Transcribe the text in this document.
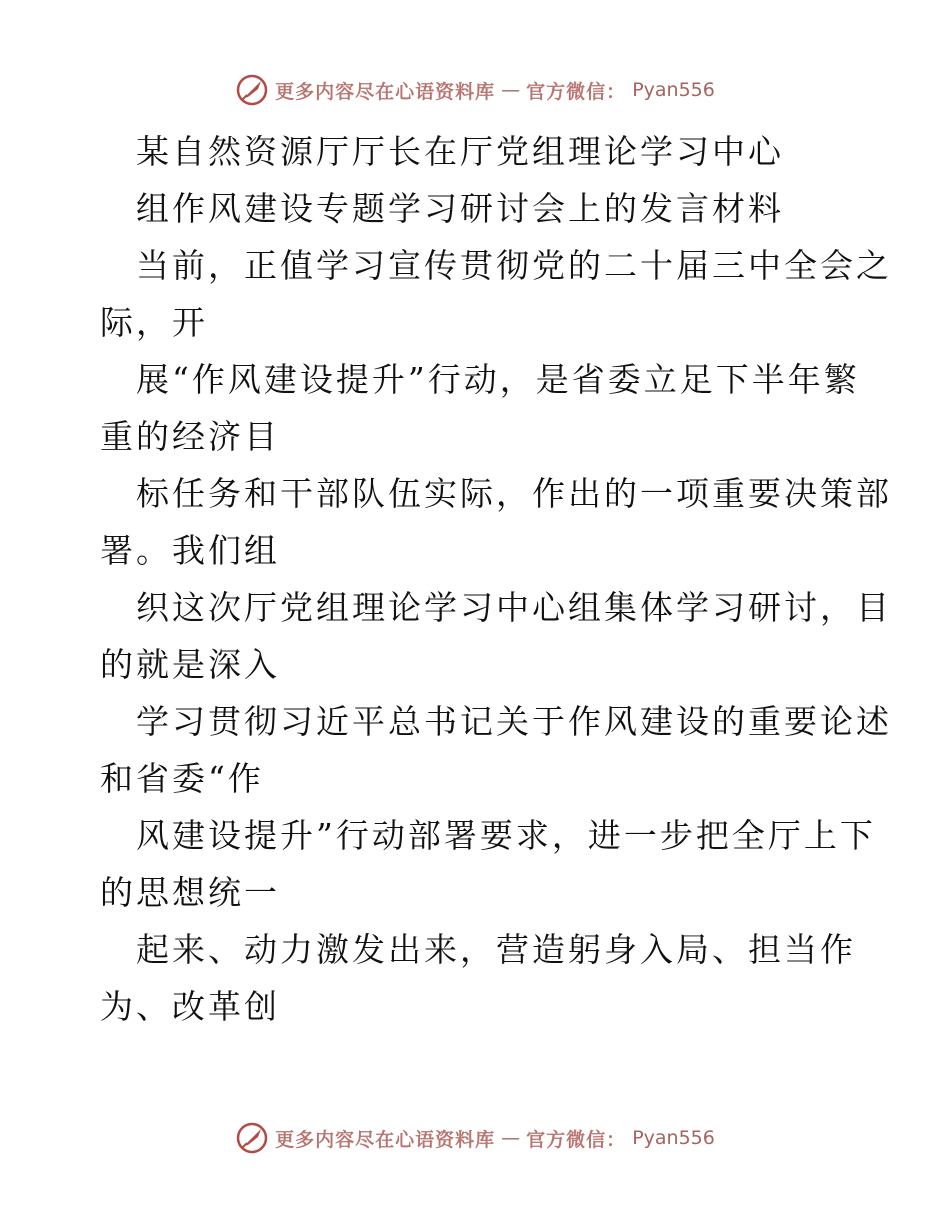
更多内容尽在心语资料库 — 官方微信： Pyan556
某自然资源厅厅长在厅党组理论学习中心
组作风建设专题学习研讨会上的发言材料
当前，正值学习宣传贯彻党的二十届三中全会之
际，开
展“作风建设提升”行动，是省委立足下半年繁
重的经济目
标任务和干部队伍实际，作出的一项重要决策部
署。我们组
织这次厅党组理论学习中心组集体学习研讨，目
的就是深入
学习贯彻习近平总书记关于作风建设的重要论述
和省委“作
风建设提升”行动部署要求，进一步把全厅上下
的思想统一
起来、动力激发出来，营造躬身入局、担当作
为、改革创
更多内容尽在心语资料库 — 官方微信： Pyan556
